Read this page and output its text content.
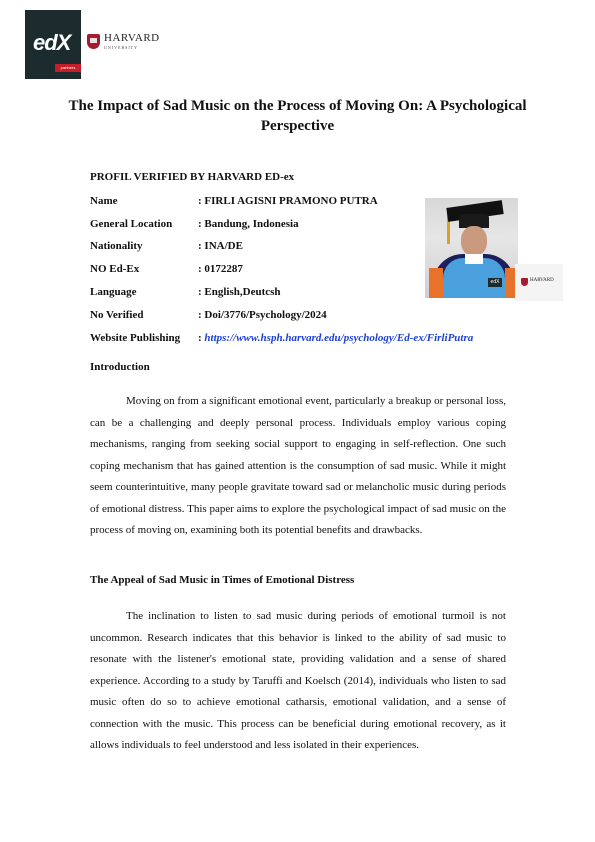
edX
partners
HARVARD
UNIVERSITY
The Impact of Sad Music on the Process of Moving On: A Psychological Perspective
PROFIL VERIFIED BY HARVARD ED-ex
Name	: FIRLI AGISNI PRAMONO PUTRA
General Location	: Bandung, Indonesia
Nationality	: INA/DE
NO Ed-Ex	: 0172287
Language	: English,Deutcsh
No Verified	: Doi/3776/Psychology/2024
Website Publishing	: https://www.hsph.harvard.edu/psychology/Ed-ex/FirliPutra
edX	HARVARD
Introduction
Moving on from a significant emotional event, particularly a breakup or personal loss, can be a challenging and deeply personal process. Individuals employ various coping mechanisms, ranging from seeking social support to engaging in self-reflection. One such coping mechanism that has gained attention is the consumption of sad music. While it might seem counterintuitive, many people gravitate toward sad or melancholic music during periods of emotional distress. This paper aims to explore the psychological impact of sad music on the process of moving on, examining both its potential benefits and drawbacks.
The Appeal of Sad Music in Times of Emotional Distress
The inclination to listen to sad music during periods of emotional turmoil is not uncommon. Research indicates that this behavior is linked to the ability of sad music to resonate with the listener's emotional state, providing validation and a sense of shared experience. According to a study by Taruffi and Koelsch (2014), individuals who listen to sad music often do so to achieve emotional catharsis, emotional validation, and a sense of connection with the music. This process can be beneficial during emotional recovery, as it allows individuals to feel understood and less isolated in their experiences.
